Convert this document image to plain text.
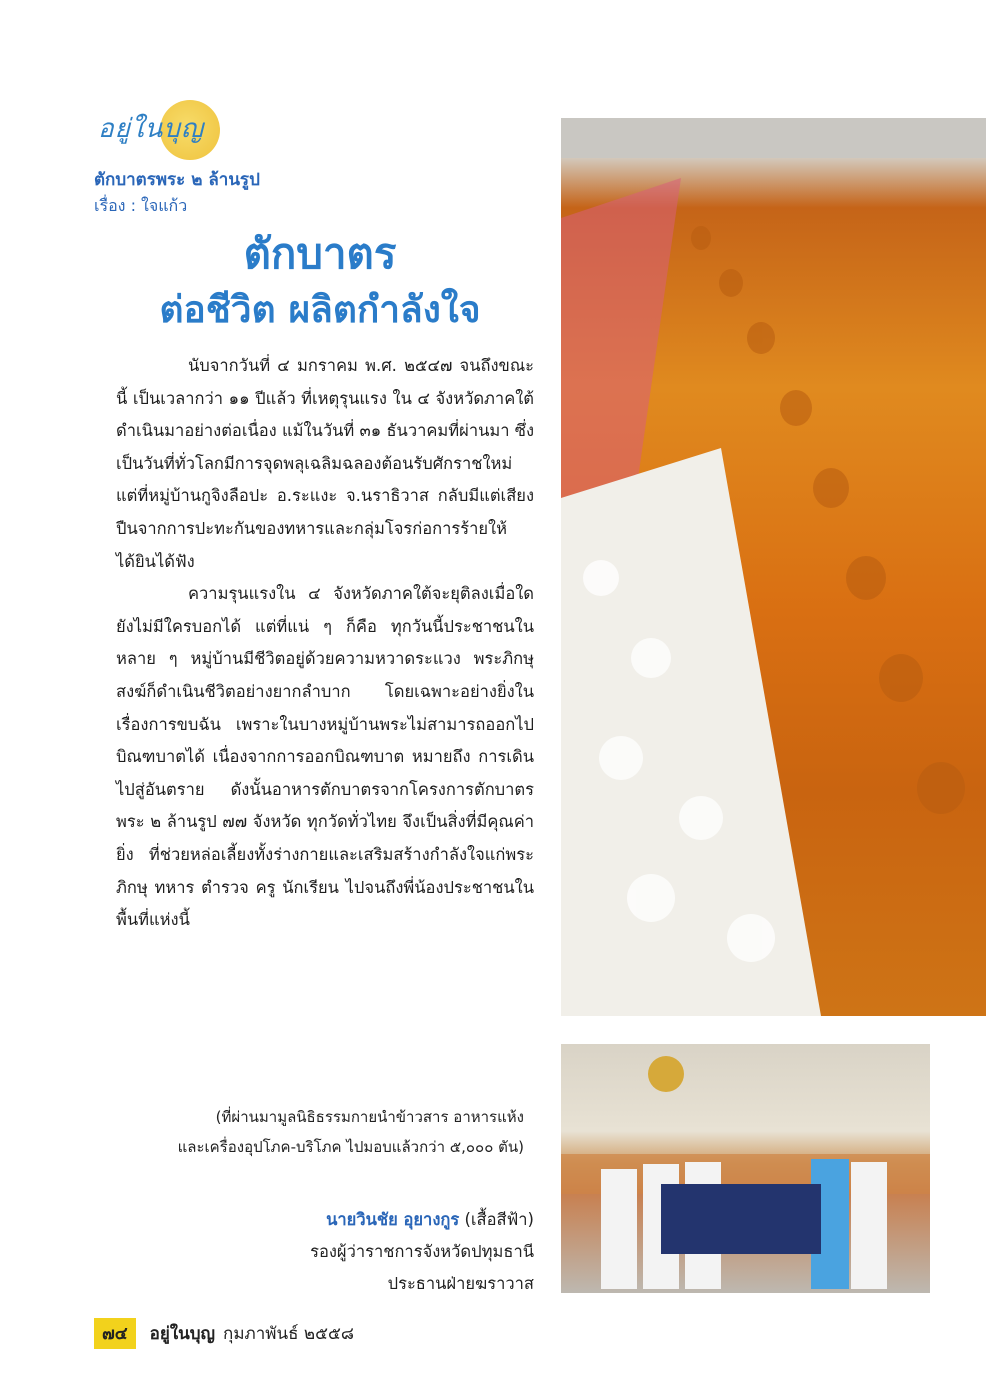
อยู่ในบุญ
ตักบาตรพระ ๒ ล้านรูป
เรื่อง : ใจแก้ว
ตักบาตร
ต่อชีวิต ผลิตกำลังใจ

นับจากวันที่ ๔ มกราคม พ.ศ. ๒๕๔๗ จนถึงขณะนี้ เป็นเวลากว่า ๑๑ ปีแล้ว ที่เหตุรุนแรง ใน ๔ จังหวัดภาคใต้ดำเนินมาอย่างต่อเนื่อง แม้ในวันที่ ๓๑ ธันวาคมที่ผ่านมา ซึ่งเป็นวันที่ทั่วโลกมีการจุดพลุเฉลิมฉลองต้อนรับศักราชใหม่ แต่ที่หมู่บ้านกูจิงลือปะ อ.ระแงะ จ.นราธิวาส กลับมีแต่เสียงปืนจากการปะทะกันของทหารและกลุ่มโจรก่อการร้ายให้ได้ยินได้ฟัง

ความรุนแรงใน ๔ จังหวัดภาคใต้จะยุติลงเมื่อใดยังไม่มีใครบอกได้ แต่ที่แน่ ๆ ก็คือ ทุกวันนี้ประชาชนในหลาย ๆ หมู่บ้านมีชีวิตอยู่ด้วยความหวาดระแวง พระภิกษุสงฆ์ก็ดำเนินชีวิตอย่างยากลำบาก โดยเฉพาะอย่างยิ่งในเรื่องการขบฉัน เพราะในบางหมู่บ้านพระไม่สามารถออกไปบิณฑบาตได้ เนื่องจากการออกบิณฑบาต หมายถึง การเดินไปสู่อันตราย ดังนั้นอาหารตักบาตรจากโครงการตักบาตรพระ ๒ ล้านรูป ๗๗ จังหวัด ทุกวัดทั่วไทย จึงเป็นสิ่งที่มีคุณค่ายิ่ง ที่ช่วยหล่อเลี้ยงทั้งร่างกายและเสริมสร้างกำลังใจแก่พระภิกษุ ทหาร ตำรวจ ครู นักเรียน ไปจนถึงพี่น้องประชาชนในพื้นที่แห่งนี้

(ที่ผ่านมามูลนิธิธรรมกายนำข้าวสาร อาหารแห้ง
และเครื่องอุปโภค-บริโภค ไปมอบแล้วกว่า ๕,๐๐๐ ตัน)
นายวินชัย อุยางกูร (เสื้อสีฟ้า)
รองผู้ว่าราชการจังหวัดปทุมธานี
ประธานฝ่ายฆราวาส
๗๔	อยู่ในบุญ กุมภาพันธ์ ๒๕๕๘
